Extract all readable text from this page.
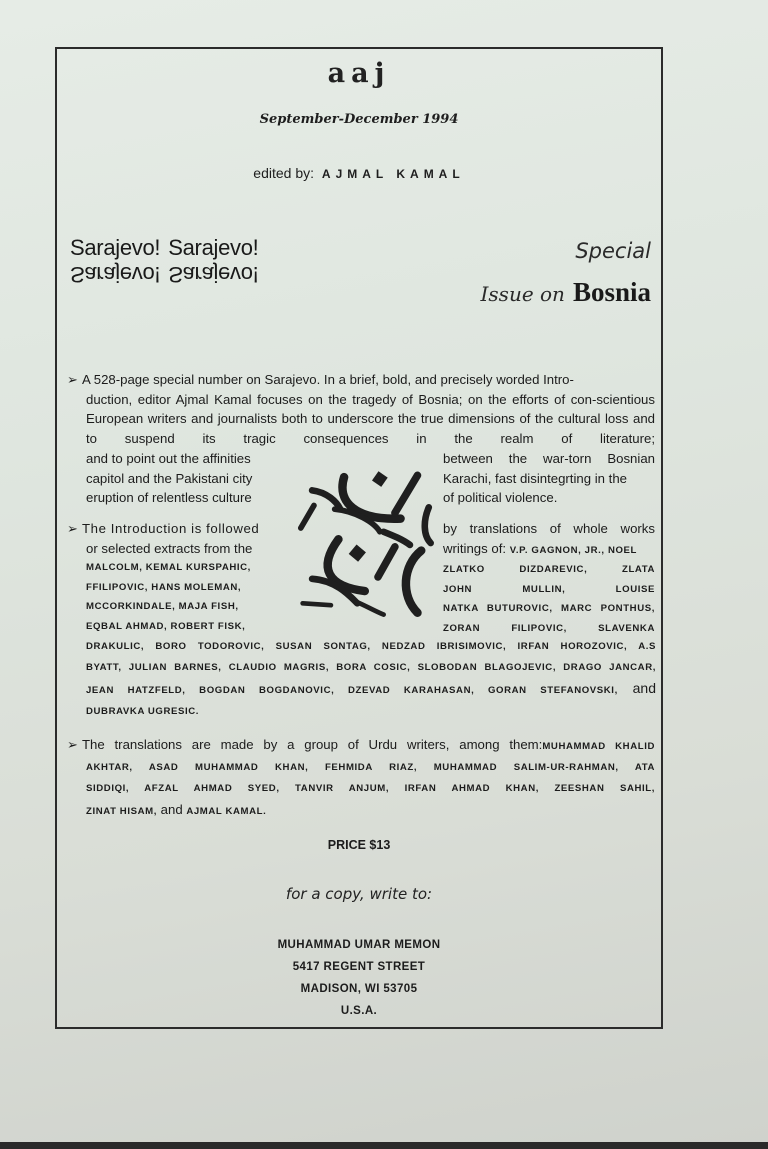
aaj
September-December 1994
edited by: AJMAL KAMAL
Sarajevo! Sarajevo!
Sarajevo! Sarajevo!
Special
Issue on Bosnia
➢ A 528-page special number on Sarajevo. In a brief, bold, and precisely worded Intro-
duction, editor Ajmal Kamal focuses on the tragedy of Bosnia; on the efforts of con-scientious European writers and journalists both to underscore the true dimensions of the cultural loss and to suspend its tragic consequences in the realm of literature;
and to point out the affinities
capitol and the Pakistani city
eruption of relentless culture
between the war-torn Bosnian
Karachi, fast disintegrting in the
of political violence.
➢ The Introduction is followed
or selected extracts from the
MALCOLM, KEMAL KURSPAHIC,
FFILIPOVIC, HANS MOLEMAN,
MCCORKINDALE, MAJA FISH,
EQBAL AHMAD, ROBERT FISK,
by translations of whole works
writings of: V.P. GAGNON, JR., NOEL
ZLATKO DIZDAREVIC, ZLATA
JOHN MULLIN, LOUISE
NATKA BUTUROVIC, MARC PONTHUS,
ZORAN FILIPOVIC, SLAVENKA
DRAKULIC, BORO TODOROVIC, SUSAN SONTAG, NEDZAD IBRISIMOVIC, IRFAN HOROZOVIC, A.S
BYATT, JULIAN BARNES, CLAUDIO MAGRIS, BORA COSIC, SLOBODAN BLAGOJEVIC, DRAGO JANCAR,
JEAN HATZFELD, BOGDAN BOGDANOVIC, DZEVAD KARAHASAN, GORAN STEFANOVSKI, and
DUBRAVKA UGRESIC.
➢ The translations are made by a group of Urdu writers, among them:MUHAMMAD KHALID
AKHTAR, ASAD MUHAMMAD KHAN, FEHMIDA RIAZ, MUHAMMAD SALIM-UR-RAHMAN, ATA
SIDDIQI, AFZAL AHMAD SYED, TANVIR ANJUM, IRFAN AHMAD KHAN, ZEESHAN SAHIL,
ZINAT HISAM, and AJMAL KAMAL.
PRICE $13
for a copy, write to:
MUHAMMAD UMAR MEMON
5417 REGENT STREET
MADISON, WI 53705
U.S.A.
